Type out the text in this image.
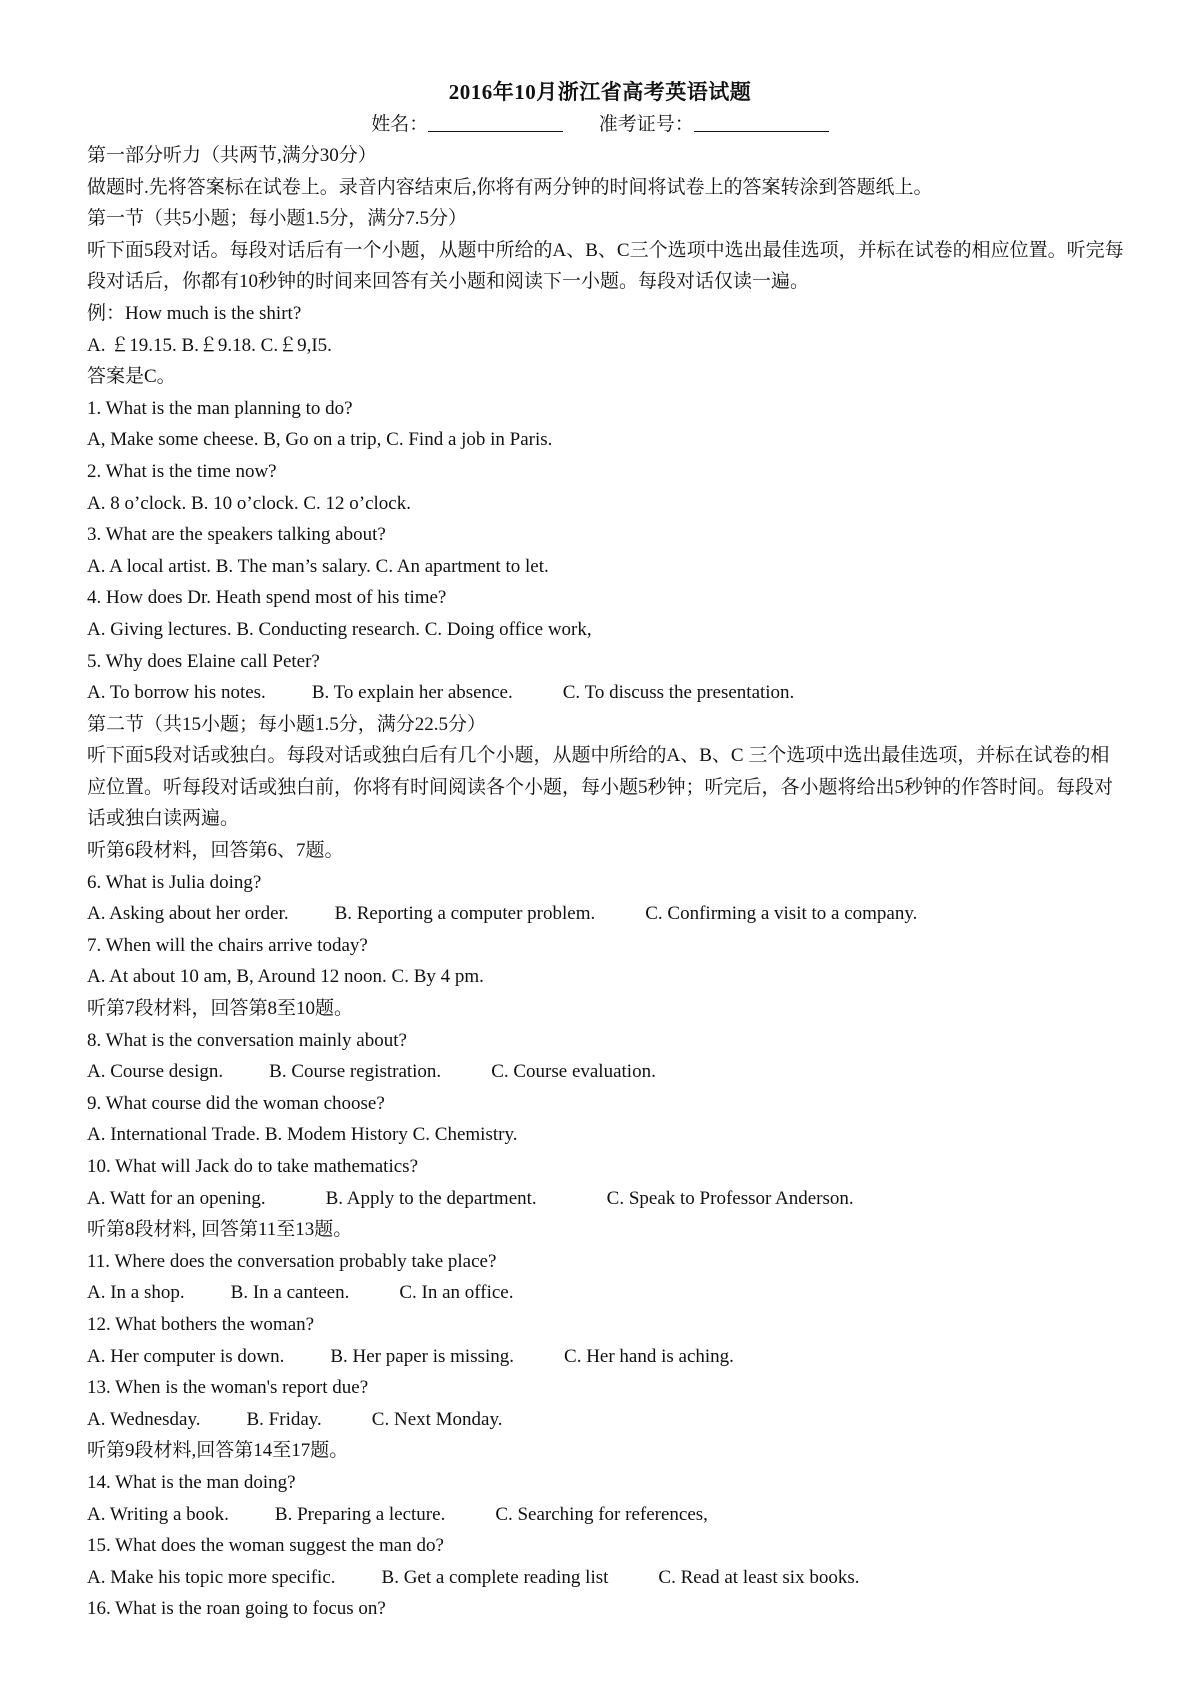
2016年10月浙江省高考英语试题
姓名：	准考证号：
第一部分听力（共两节,满分30分）
做题时.先将答案标在试卷上。录音内容结束后,你将有两分钟的时间将试卷上的答案转涂到答题纸上。
第一节（共5小题；每小题1.5分，满分7.5分）
听下面5段对话。每段对话后有一个小题，从题中所给的A、B、C三个选项中选出最佳选项，并标在试卷的相应位置。听完每段对话后，你都有10秒钟的时间来回答有关小题和阅读下一小题。每段对话仅读一遍。
例：How much is the shirt?
A. ￡19.15. B.￡9.18. C.￡9,I5.
答案是C。
1. What is the man planning to do?
A, Make some cheese. B, Go on a trip, C. Find a job in Paris.
2. What is the time now?
A. 8 o’clock. B. 10 o’clock. C. 12 o’clock.
3. What are the speakers talking about?
A. A local artist. B. The man’s salary. C. An apartment to let.
4. How does Dr. Heath spend most of his time?
A. Giving lectures. B. Conducting research. C. Doing office work,
5. Why does Elaine call Peter?
A. To borrow his notes. B. To explain her absence.	C. To discuss the presentation.
第二节（共15小题；每小题1.5分，满分22.5分）
听下面5段对话或独白。每段对话或独白后有几个小题，从题中所给的A、B、C 三个选项中选出最佳选项，并标在试卷的相应位置。听每段对话或独白前，你将有时间阅读各个小题，每小题5秒钟；听完后，各小题将给出5秒钟的作答时间。每段对话或独白读两遍。
听第6段材料，回答第6、7题。
6. What is Julia doing?
A. Asking about her order. B. Reporting a computer problem.	C. Confirming a visit to a company.
7. When will the chairs arrive today?
A. At about 10 am, B, Around 12 noon. C. By 4 pm.
听第7段材料，回答第8至10题。
8. What is the conversation mainly about?
A. Course design. B. Course registration.	C. Course evaluation.
9. What course did the woman choose?
A. International Trade. B. Modem History C. Chemistry.
10. What will Jack do to take mathematics?
A. Watt for an opening.	B. Apply to the department.	C. Speak to Professor Anderson.
听第8段材料, 回答第11至13题。
11. Where does the conversation probably take place?
A. In a shop. B. In a canteen.	C. In an office.
12. What bothers the woman?
A. Her computer is down. B. Her paper is missing.	C. Her hand is aching.
13. When is the woman's report due?
A. Wednesday. B. Friday.	C. Next Monday.
听第9段材料,回答第14至17题。
14. What is the man doing?
A. Writing a book. B. Preparing a lecture.	C. Searching for references,
15. What does the woman suggest the man do?
A. Make his topic more specific. B. Get a complete reading list	C. Read at least six books.
16. What is the roan going to focus on?
